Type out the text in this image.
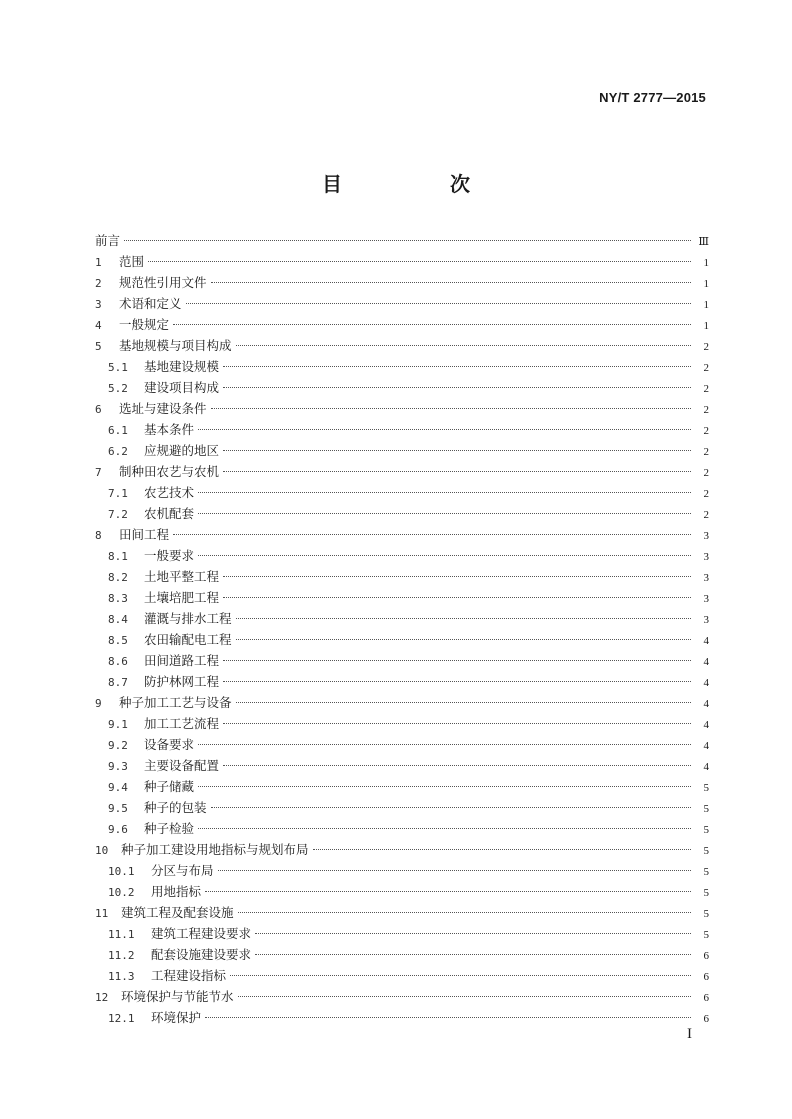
NY/T 2777—2015
目　次
前言	Ⅲ
1	范围	1
2	规范性引用文件	1
3	术语和定义	1
4	一般规定	1
5	基地规模与项目构成	2
5.1	基地建设规模	2
5.2	建设项目构成	2
6	选址与建设条件	2
6.1	基本条件	2
6.2	应规避的地区	2
7	制种田农艺与农机	2
7.1	农艺技术	2
7.2	农机配套	2
8	田间工程	3
8.1	一般要求	3
8.2	土地平整工程	3
8.3	土壤培肥工程	3
8.4	灌溉与排水工程	3
8.5	农田输配电工程	4
8.6	田间道路工程	4
8.7	防护林网工程	4
9	种子加工工艺与设备	4
9.1	加工工艺流程	4
9.2	设备要求	4
9.3	主要设备配置	4
9.4	种子储藏	5
9.5	种子的包装	5
9.6	种子检验	5
10	种子加工建设用地指标与规划布局	5
10.1	分区与布局	5
10.2	用地指标	5
11	建筑工程及配套设施	5
11.1	建筑工程建设要求	5
11.2	配套设施建设要求	6
11.3	工程建设指标	6
12	环境保护与节能节水	6
12.1	环境保护	6
I
